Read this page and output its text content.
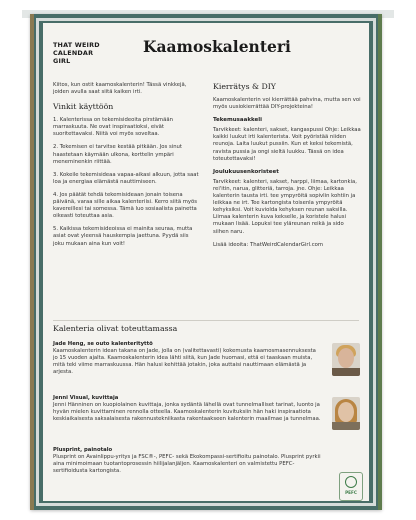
THAT WEIRD
CALENDAR GIRL
Kaamoskalenteri

Kiitos, kun ostit kaamoskalenterin! Tässä vinkkejä, joiden avulla saat siitä kaiken irti.

Vinkit käyttöön

1. Kalenterissa on tekemisideoita pirstämään marraskuuta. Ne ovat inspiraatioksi, eivät suoritettavaksi. Niitä voi myös soveltaa.

2. Tekemisen ei tarvitse kestää pitkään. Jos sinut haastetaan käymään ulkona, korttelin ympäri meneminenkin riittää.

3. Kokeile tekemisideaa vapaa-aikasi alkuun, jotta saat loa ja energiaa elämästä nauttimiseen.

4. Jos päätät tehdä tekemisideaan jonain toisena päivänä, varaa sille aikaa kalenteriisi. Kerro siitä myös kavereillesi tai somessa. Tämä luo sosiaalista painetta oikeasti toteuttaa asia.

5. Kaikissa tekemisideoissa ei mainita seuraa, mutta asiat ovat yleensä hauskempia jaettuna. Pyydä siis joku mukaan aina kun voit!

Kierrätys & DIY

Kaamoskalenterin voi kierrättää pahvina, mutta sen voi myös uusiokierrättää DIY-projekteina!

Tekemusaakkeli

Tarvikkeet: kalenteri, sakset, kangaspussi Ohje: Leikkaa kaikki luukut irti kalenterista. Voit pyöristää niiden reunoja. Laita luukut pussiin. Kun et keksi tekemistä, ravista pussia ja ongi sieltä luukku. Tässä on idea toteutettavaksi!

Joulukuusenkoristeet

Tarvikkeet: kalenteri, sakset, harppi, liimaa, kartonkia, rei'itin, narua, glitteriä, tarroja. jne. Ohje: Leikkaa kalenterin tausta irti. tee ympyröitä sopivlin kohtiin ja leikkaa ne irt. Tee kartongista toisenla ympyröitä kehyksiksi. Voit kuviolda kehyksen reunan saksilla. Liimaa kalenterin kuva kekselle, ja koristele halusi mukaan lisää. Lopuksi tee yläreunan reikä ja sido siihen naru.

Lisää ideoita: ThatWeirdCalendarGirl.com

Kalenteria olivat toteuttamassa
Jade Heng, se outo kalenterityttö
Kaamoskalenterin idean takana on Jade, jolla on (valitettavasti) kokemusta kaamosmasennuksesta jo 15 vuoden ajalta. Kaamoskalenterin idea lähti siitä, kun Jade huomasi, että ei taaskaan muista, mitä teki viime marraskuussa. Hän halusi kehittää jotakin, joka auttaisi nauttimaan elämästä ja arjesta.
Jenni Visual, kuvittaja
Jenni Hänninen on kuopiolainen kuvittaja, jonka sydäntä lähellä ovat tunnelmalliset tarinat, luonto ja hyvän mielen kuvittaminen rennolla otteella. Kaamoskalenterin kuvituksiin hän haki inspiraatiota keskiaikaisesta saksalaisesta rakennustekniikasta rakentaakseen kalenterin maailmae ja tunnelmaa.
Plusprint, painotalo
Plusprint on Avainlippu-yritys ja FSC®-, PEFC- sekä Ekokompassi-sertifioitu painotalo. Plusprint pyrkii aina minimoimaan tuotantoprosessin hiilijalanjäljen. Kaamoskalenteri on valmistettu PEFC-sertifioidusta kartongista.
PEFC
